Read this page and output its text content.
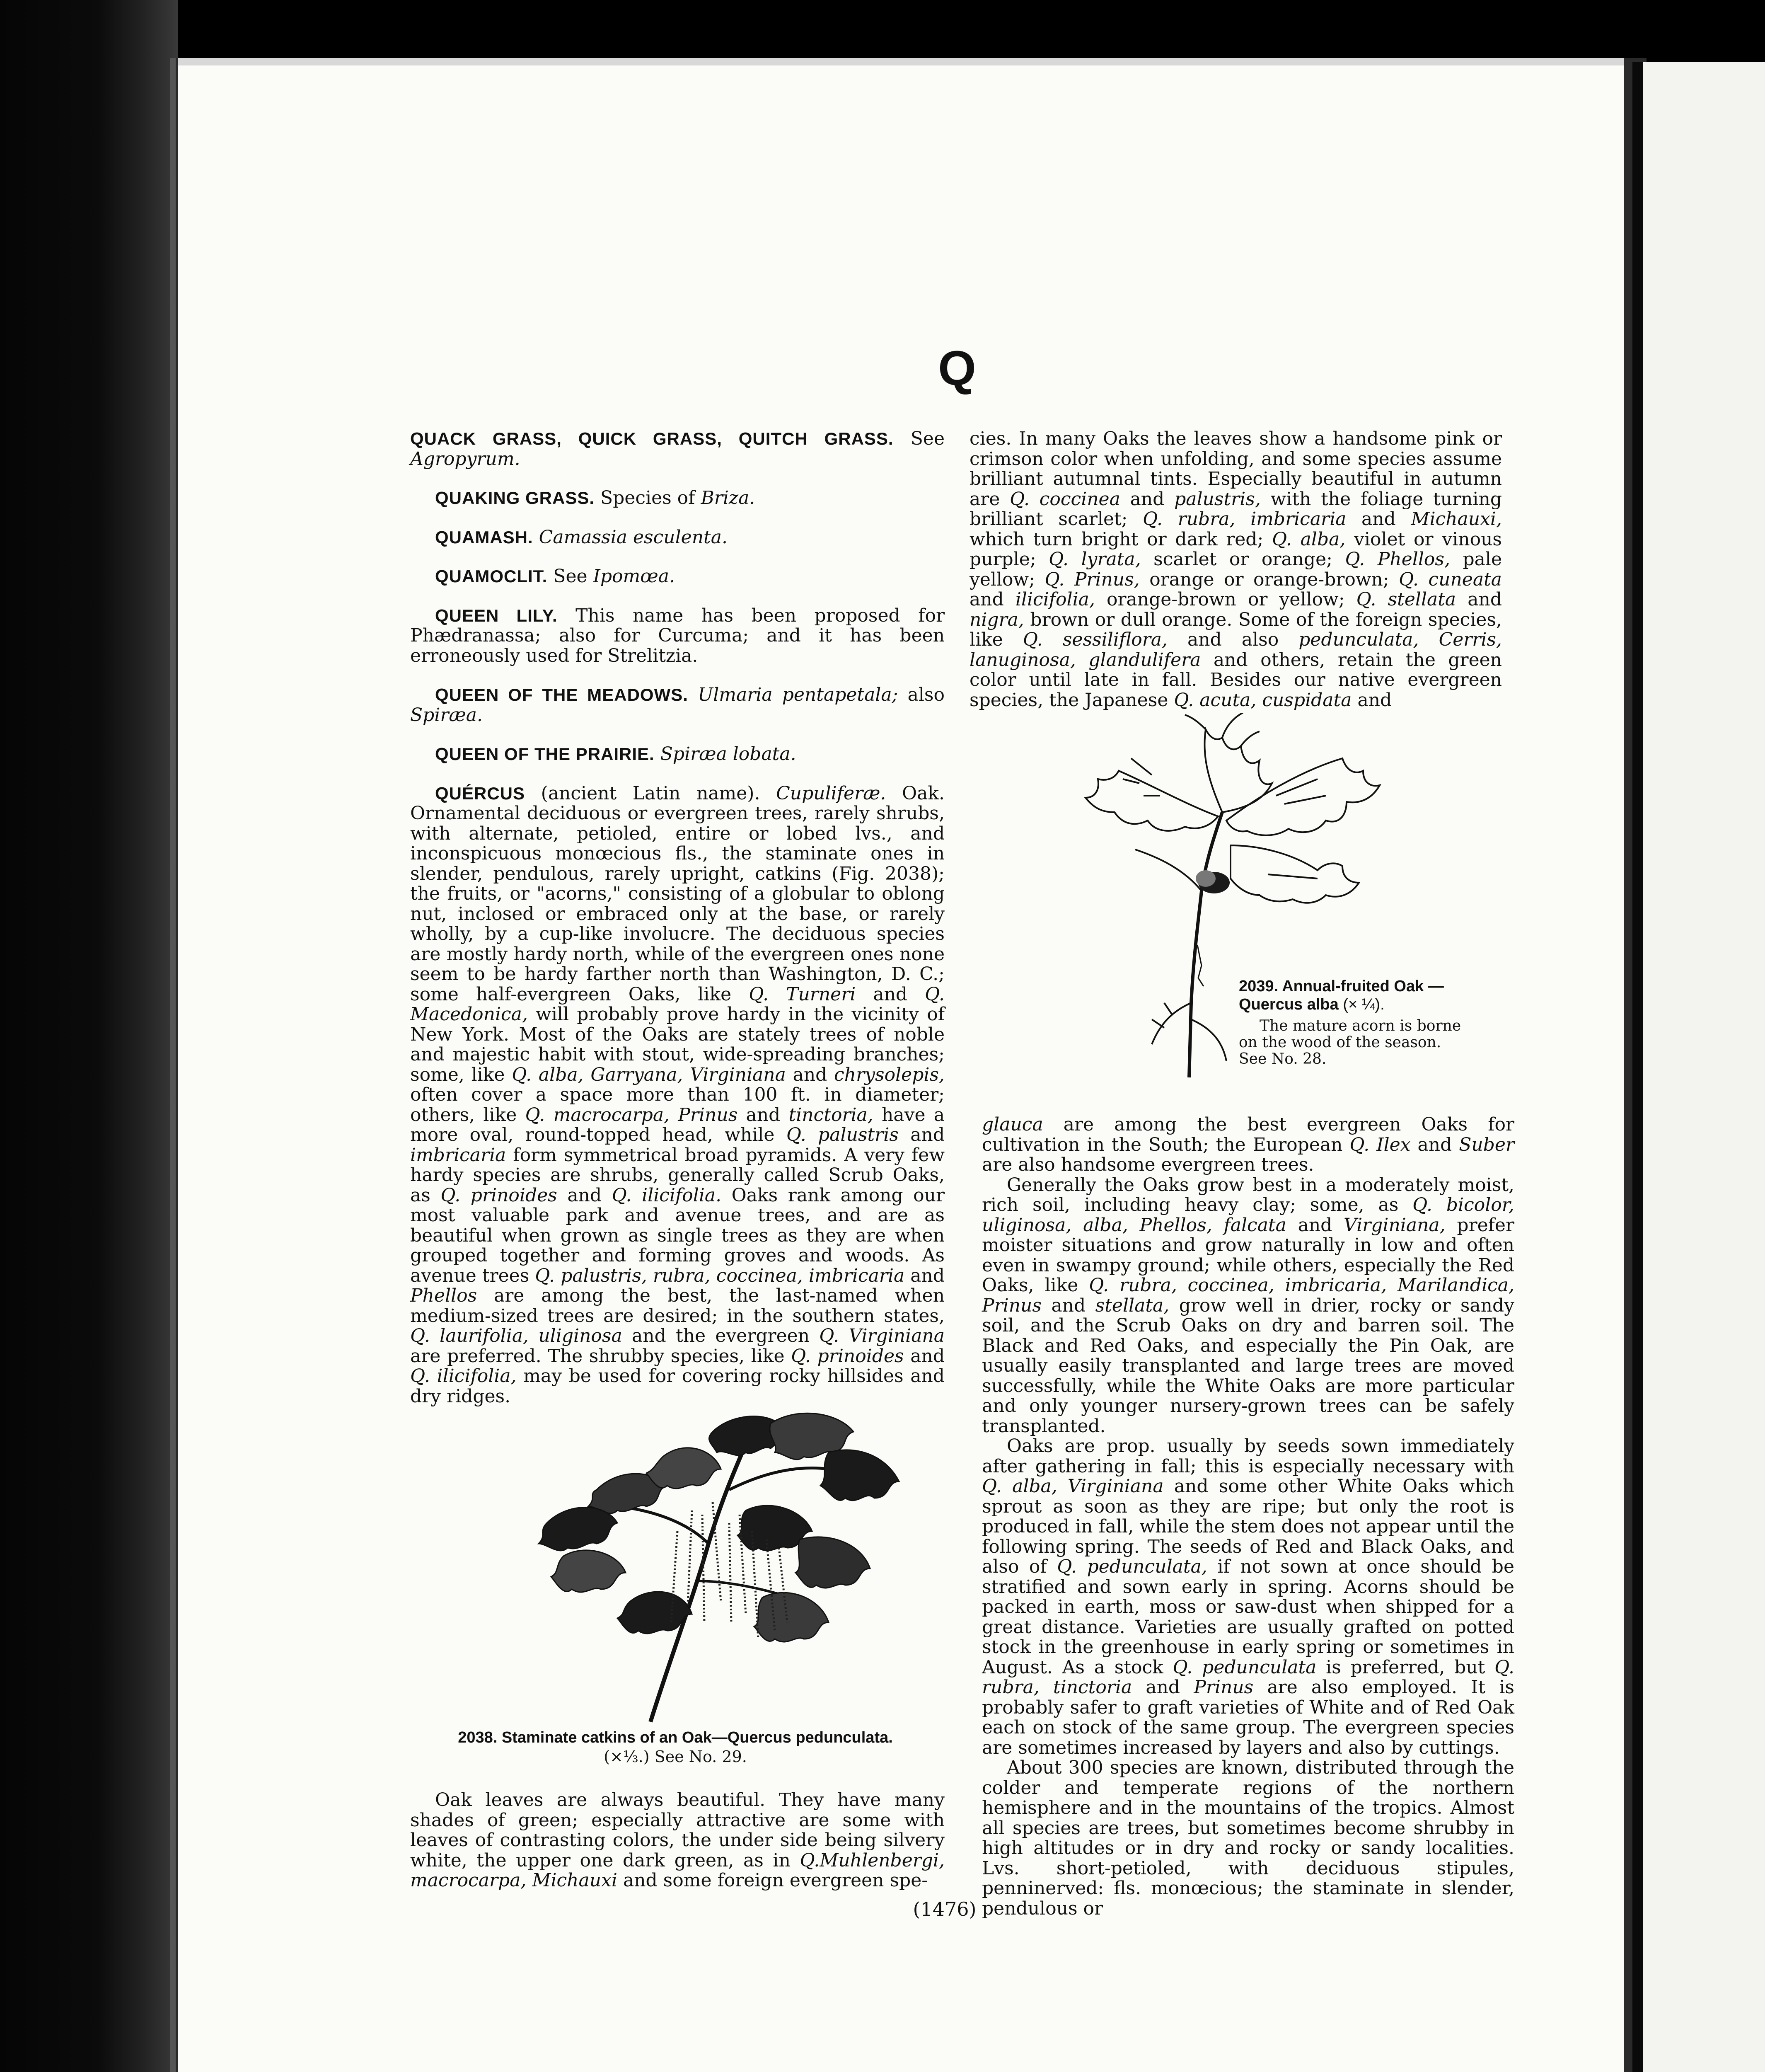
Q

QUACK GRASS, QUICK GRASS, QUITCH GRASS. See Agropyrum.

QUAKING GRASS. Species of Briza.

QUAMASH. Camassia esculenta.

QUAMOCLIT. See Ipomœa.

QUEEN LILY. This name has been proposed for Phædranassa; also for Curcuma; and it has been erroneously used for Strelitzia.

QUEEN OF THE MEADOWS. Ulmaria pentapetala; also Spiræa.

QUEEN OF THE PRAIRIE. Spiræa lobata.

QUÉRCUS (ancient Latin name). Cupuliferæ. Oak. Ornamental deciduous or evergreen trees, rarely shrubs, with alternate, petioled, entire or lobed lvs., and inconspicuous monœcious fls., the staminate ones in slender, pendulous, rarely upright, catkins (Fig. 2038); the fruits, or "acorns," consisting of a globular to oblong nut, inclosed or embraced only at the base, or rarely wholly, by a cup-like involucre. The deciduous species are mostly hardy north, while of the evergreen ones none seem to be hardy farther north than Washington, D. C.; some half-evergreen Oaks, like Q. Turneri and Q. Macedonica, will probably prove hardy in the vicinity of New York. Most of the Oaks are stately trees of noble and majestic habit with stout, wide-spreading branches; some, like Q. alba, Garryana, Virginiana and chrysolepis, often cover a space more than 100 ft. in diameter; others, like Q. macrocarpa, Prinus and tinctoria, have a more oval, round-topped head, while Q. palustris and imbricaria form symmetrical broad pyramids. A very few hardy species are shrubs, generally called Scrub Oaks, as Q. prinoides and Q. ilicifolia. Oaks rank among our most valuable park and avenue trees, and are as beautiful when grown as single trees as they are when grouped together and forming groves and woods. As avenue trees Q. palustris, rubra, coccinea, imbricaria and Phellos are among the best, the last-named when medium-sized trees are desired; in the southern states, Q. laurifolia, uliginosa and the evergreen Q. Virginiana are preferred. The shrubby species, like Q. prinoides and Q. ilicifolia, may be used for covering rocky hillsides and dry ridges.

2038. Staminate catkins of an Oak—Quercus pedunculata.
(×⅓.) See No. 29.

Oak leaves are always beautiful. They have many shades of green; especially attractive are some with leaves of contrasting colors, the under side being silvery white, the upper one dark green, as in Q.Muhlenbergi, macrocarpa, Michauxi and some foreign evergreen spe-

cies. In many Oaks the leaves show a handsome pink or crimson color when unfolding, and some species assume brilliant autumnal tints. Especially beautiful in autumn are Q. coccinea and palustris, with the foliage turning brilliant scarlet; Q. rubra, imbricaria and Michauxi, which turn bright or dark red; Q. alba, violet or vinous purple; Q. lyrata, scarlet or orange; Q. Phellos, pale yellow; Q. Prinus, orange or orange-brown; Q. cuneata and ilicifolia, orange-brown or yellow; Q. stellata and nigra, brown or dull orange. Some of the foreign species, like Q. sessiliflora, and also pedunculata, Cerris, lanuginosa, glandulifera and others, retain the green color until late in fall. Besides our native evergreen species, the Japanese Q. acuta, cuspidata and

2039. Annual-fruited Oak —Quercus alba (× ¼).
The mature acorn is borne on the wood of the season. See No. 28.

glauca are among the best evergreen Oaks for cultivation in the South; the European Q. Ilex and Suber are also handsome evergreen trees.

Generally the Oaks grow best in a moderately moist, rich soil, including heavy clay; some, as Q. bicolor, uliginosa, alba, Phellos, falcata and Virginiana, prefer moister situations and grow naturally in low and often even in swampy ground; while others, especially the Red Oaks, like Q. rubra, coccinea, imbricaria, Marilandica, Prinus and stellata, grow well in drier, rocky or sandy soil, and the Scrub Oaks on dry and barren soil. The Black and Red Oaks, and especially the Pin Oak, are usually easily transplanted and large trees are moved successfully, while the White Oaks are more particular and only younger nursery-grown trees can be safely transplanted.

Oaks are prop. usually by seeds sown immediately after gathering in fall; this is especially necessary with Q. alba, Virginiana and some other White Oaks which sprout as soon as they are ripe; but only the root is produced in fall, while the stem does not appear until the following spring. The seeds of Red and Black Oaks, and also of Q. pedunculata, if not sown at once should be stratified and sown early in spring. Acorns should be packed in earth, moss or saw-dust when shipped for a great distance. Varieties are usually grafted on potted stock in the greenhouse in early spring or sometimes in August. As a stock Q. pedunculata is preferred, but Q. rubra, tinctoria and Prinus are also employed. It is probably safer to graft varieties of White and of Red Oak each on stock of the same group. The evergreen species are sometimes increased by layers and also by cuttings.

About 300 species are known, distributed through the colder and temperate regions of the northern hemisphere and in the mountains of the tropics. Almost all species are trees, but sometimes become shrubby in high altitudes or in dry and rocky or sandy localities. Lvs. short-petioled, with deciduous stipules, penninerved: fls. monœcious; the staminate in slender, pendulous or

(1476)
